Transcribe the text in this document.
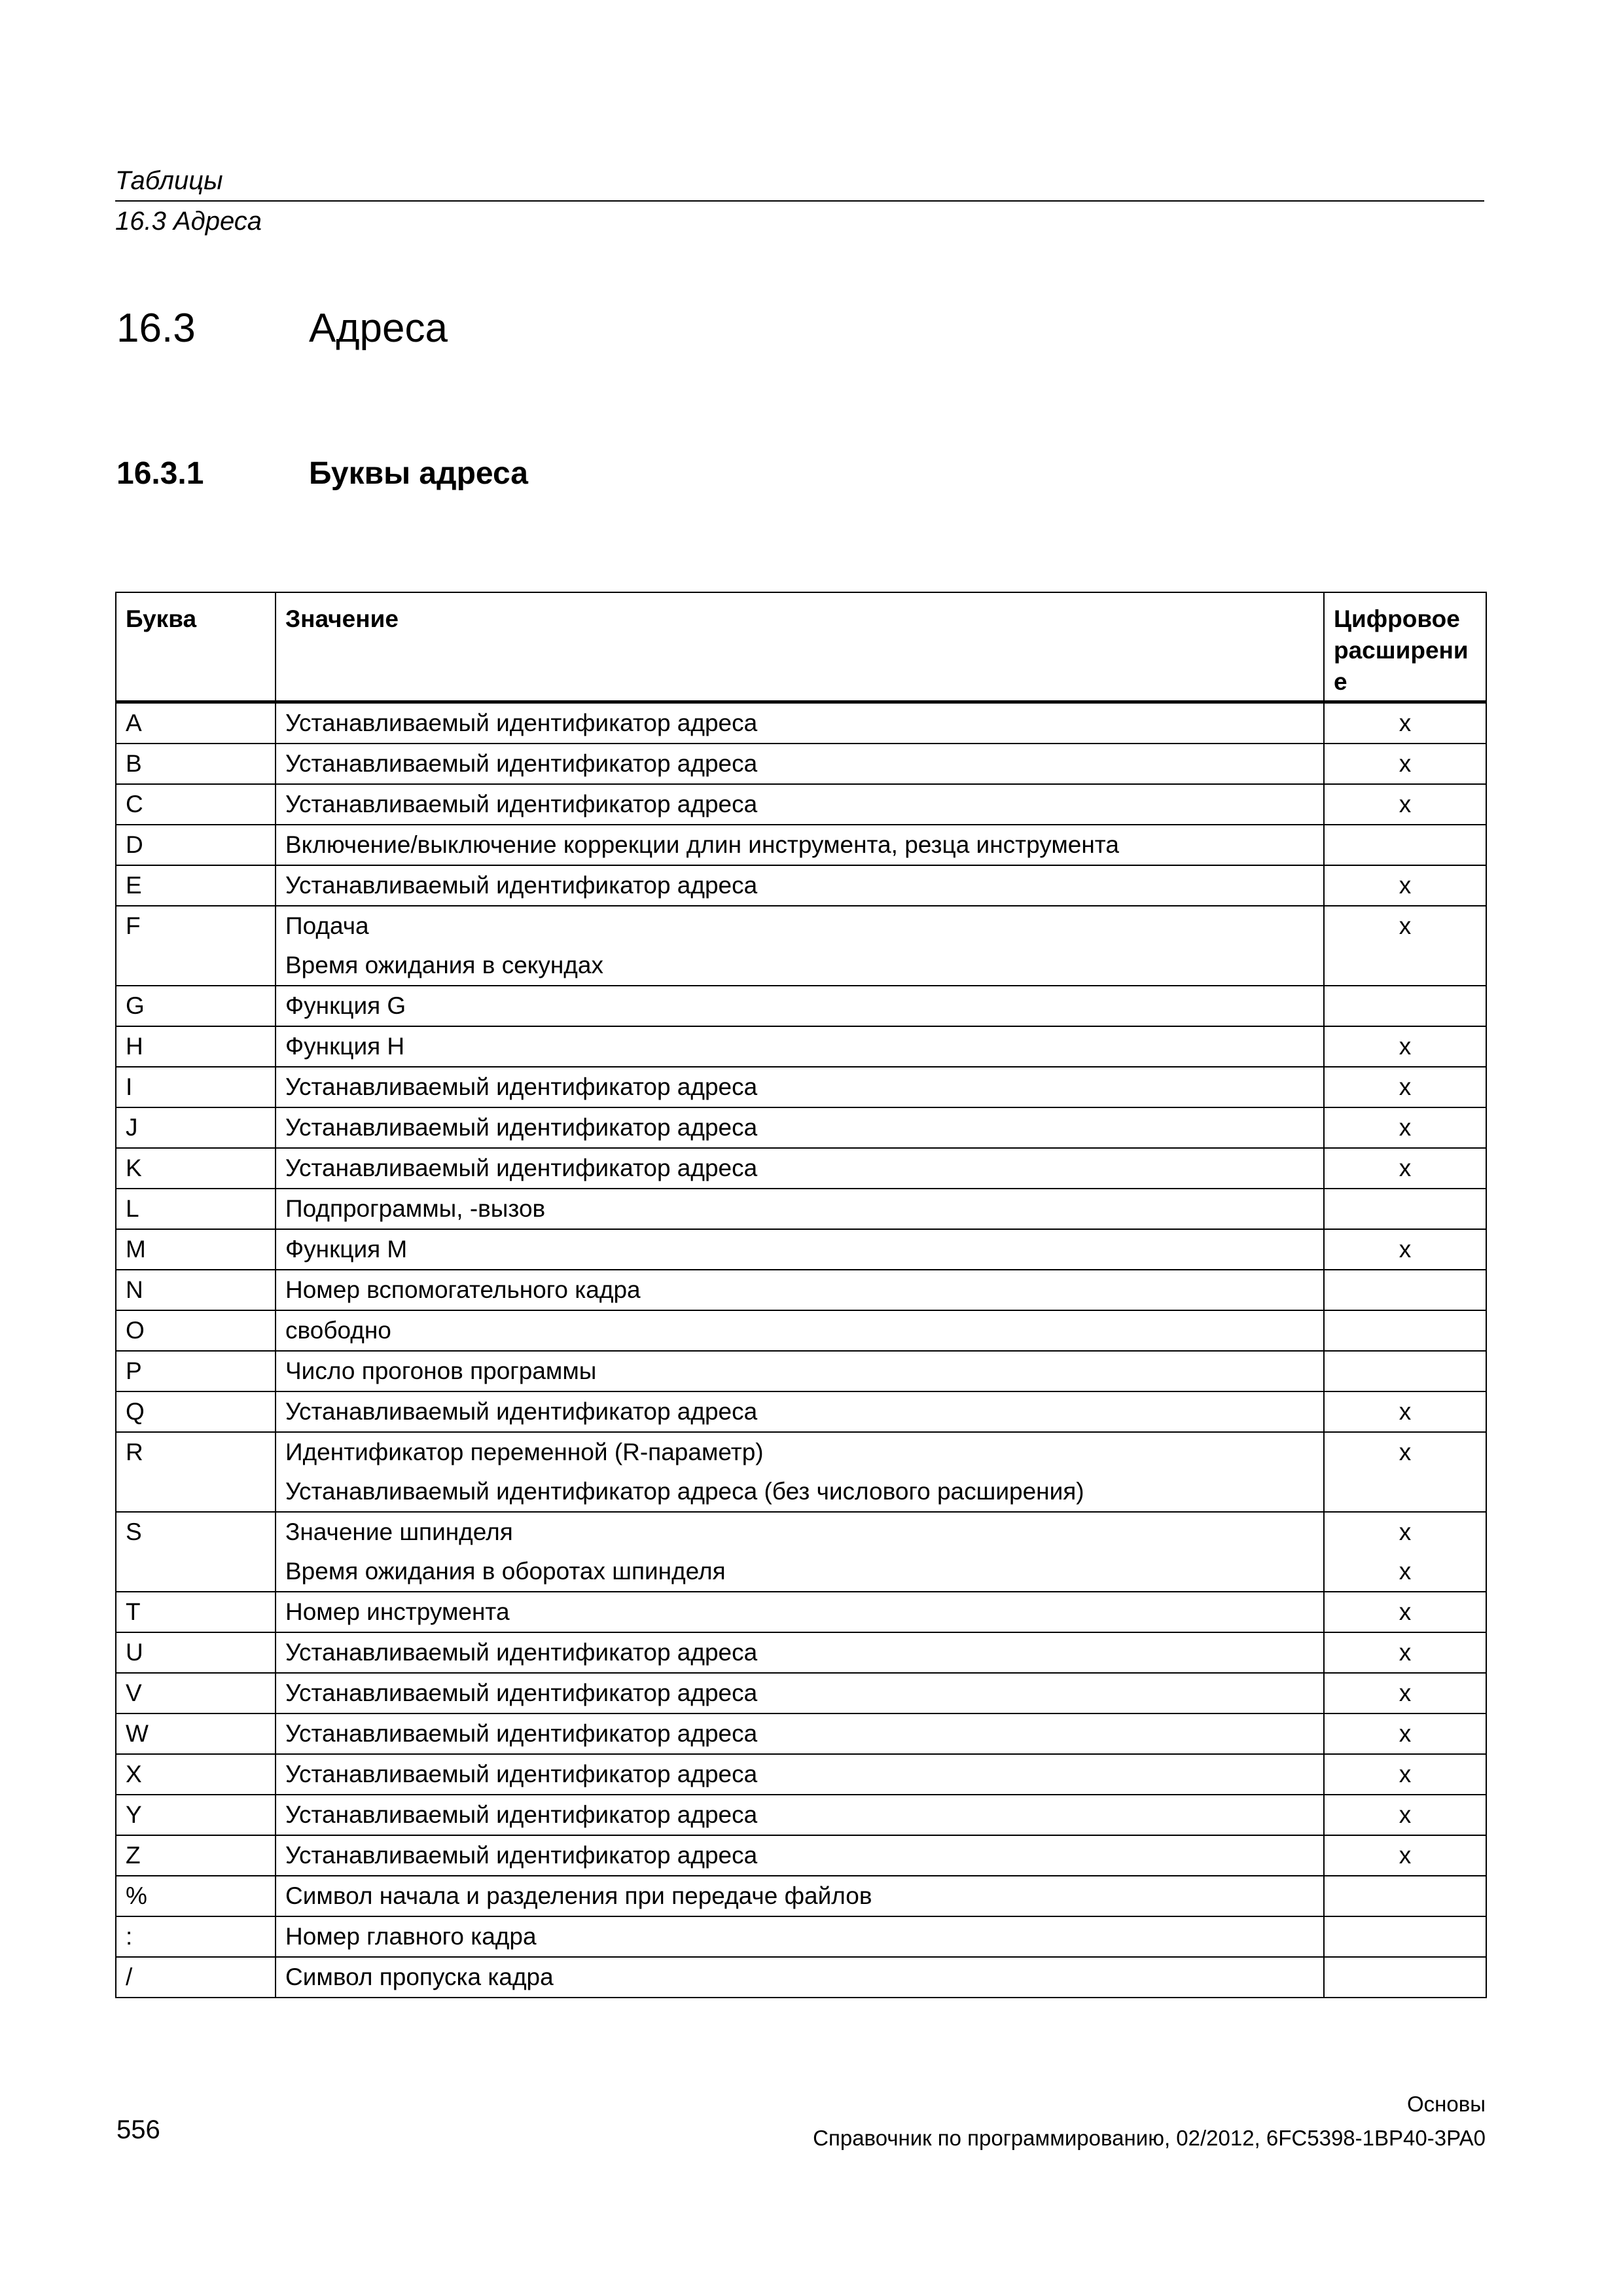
Таблицы
16.3 Адреса
16.3	Адреса
16.3.1	Буквы адреса
Буква	Значение	Цифровое
расширени
е

A	Устанавливаемый идентификатор адреса	x

B	Устанавливаемый идентификатор адреса	x

C	Устанавливаемый идентификатор адреса	x

D	Включение/выключение коррекции длин инструмента, резца инструмента

E	Устанавливаемый идентификатор адреса	x

F	Подача
Время ожидания в секундах	x

G	Функция G

H	Функция H	x

I	Устанавливаемый идентификатор адреса	x

J	Устанавливаемый идентификатор адреса	x

K	Устанавливаемый идентификатор адреса	x

L	Подпрограммы, -вызов

M	Функция M	x

N	Номер вспомогательного кадра

O	свободно

P	Число прогонов программы

Q	Устанавливаемый идентификатор адреса	x

R	Идентификатор переменной (R-параметр)
Устанавливаемый идентификатор адреса (без числового расширения)	x

S	Значение шпинделя
Время ожидания в оборотах шпинделя	x
x

T	Номер инструмента	x

U	Устанавливаемый идентификатор адреса	x

V	Устанавливаемый идентификатор адреса	x

W	Устанавливаемый идентификатор адреса	x

X	Устанавливаемый идентификатор адреса	x

Y	Устанавливаемый идентификатор адреса	x

Z	Устанавливаемый идентификатор адреса	x

%	Символ начала и разделения при передаче файлов

:	Номер главного кадра

/	Символ пропуска кадра

Основы
Справочник по программированию, 02/2012, 6FC5398-1BP40-3PA0
556
